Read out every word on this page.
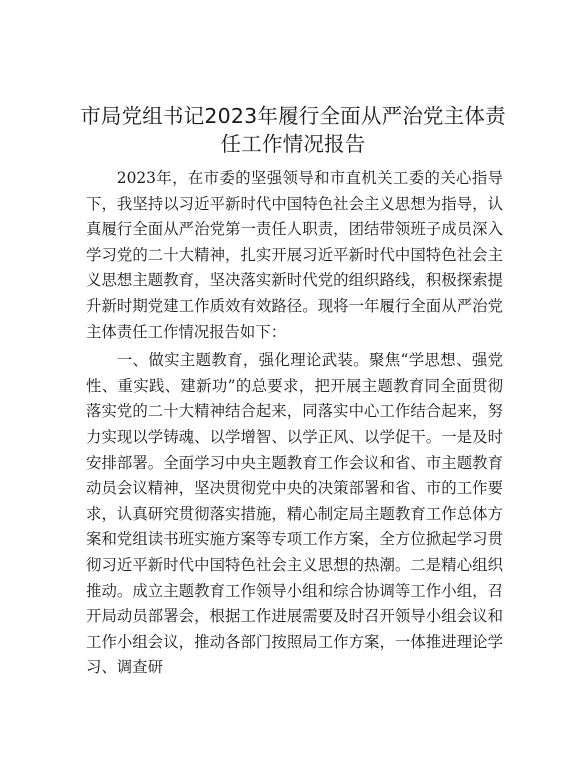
市局党组书记2023年履行全面从严治党主体责任工作情况报告

2023年，在市委的坚强领导和市直机关工委的关心指导下，我坚持以习近平新时代中国特色社会主义思想为指导，认真履行全面从严治党第一责任人职责，团结带领班子成员深入学习党的二十大精神，扎实开展习近平新时代中国特色社会主义思想主题教育，坚决落实新时代党的组织路线，积极探索提升新时期党建工作质效有效路径。现将一年履行全面从严治党主体责任工作情况报告如下：

一、做实主题教育，强化理论武装。聚焦“学思想、强党性、重实践、建新功”的总要求，把开展主题教育同全面贯彻落实党的二十大精神结合起来，同落实中心工作结合起来，努力实现以学铸魂、以学增智、以学正风、以学促干。一是及时安排部署。全面学习中央主题教育工作会议和省、市主题教育动员会议精神，坚决贯彻党中央的决策部署和省、市的工作要求，认真研究贯彻落实措施，精心制定局主题教育工作总体方案和党组读书班实施方案等专项工作方案，全方位掀起学习贯彻习近平新时代中国特色社会主义思想的热潮。二是精心组织推动。成立主题教育工作领导小组和综合协调等工作小组，召开局动员部署会，根据工作进展需要及时召开领导小组会议和工作小组会议，推动各部门按照局工作方案，一体推进理论学习、调查研
